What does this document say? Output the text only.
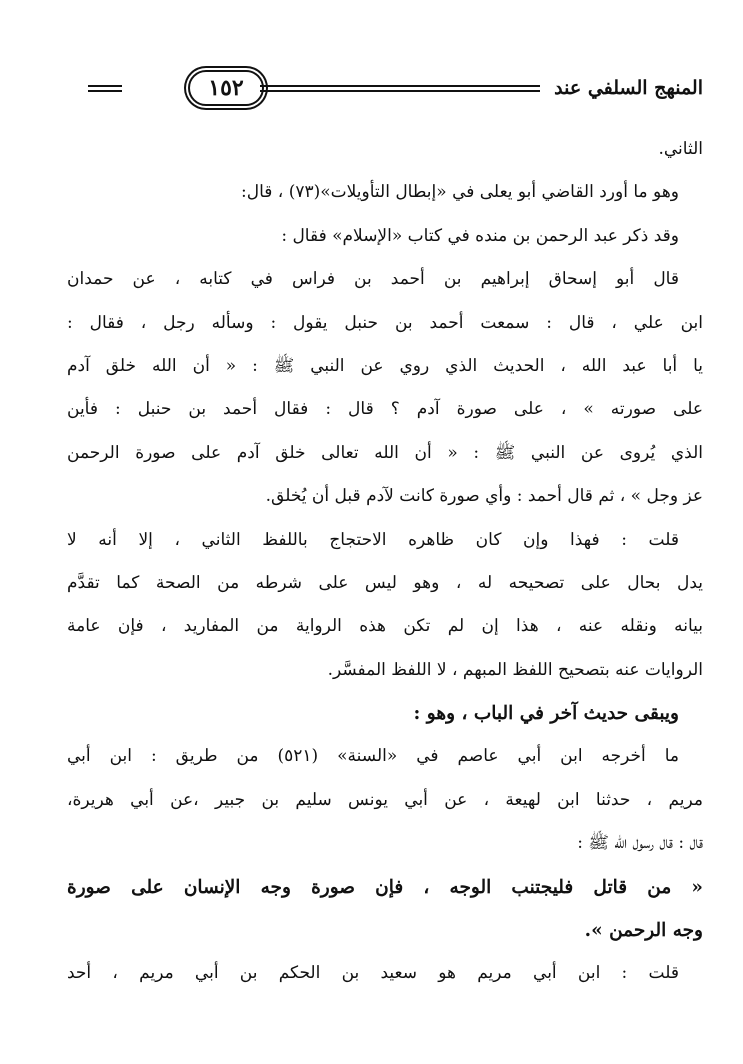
١٥٢	المنهج السلفي عند
الثاني.
وهو ما أورد القاضي أبو يعلى في «إبطال التأويلات»(٧٣) ، قال:
وقد ذكر عبد الرحمن بن منده في كتاب «الإسلام» فقال :
قال أبو إسحاق إبراهيم بن أحمد بن فراس في كتابه ، عن حمدان
ابن علي ، قال : سمعت أحمد بن حنبل يقول : وسأله رجل ، فقال :
يا أبا عبد الله ، الحديث الذي روي عن النبي ﷺ : « أن الله خلق آدم
على صورته » ، على صورة آدم ؟ قال : فقال أحمد بن حنبل : فأين
الذي يُروى عن النبي ﷺ : « أن الله تعالى خلق آدم على صورة الرحمن
عز وجل » ، ثم قال أحمد : وأي صورة كانت لآدم قبل أن يُخلق.
قلت : فهذا وإن كان ظاهره الاحتجاج باللفظ الثاني ، إلا أنه لا
يدل بحال على تصحيحه له ، وهو ليس على شرطه من الصحة كما تقدَّم
بيانه ونقله عنه ، هذا إن لم تكن هذه الرواية من المفاريد ، فإن عامة
الروايات عنه بتصحيح اللفظ المبهم ، لا اللفظ المفسَّر.
ويبقى حديث آخر في الباب ، وهو :
ما أخرجه ابن أبي عاصم في «السنة» (٥٢١) من طريق : ابن أبي
مريم ، حدثنا ابن لهيعة ، عن أبي يونس سليم بن جبير ،عن أبي هريرة،
قال : قال رسول الله ﷺ :
« من قاتل فليجتنب الوجه ، فإن صورة وجه الإنسان على صورة
وجه الرحمن ».
قلت : ابن أبي مريم هو سعيد بن الحكم بن أبي مريم ، أحد
